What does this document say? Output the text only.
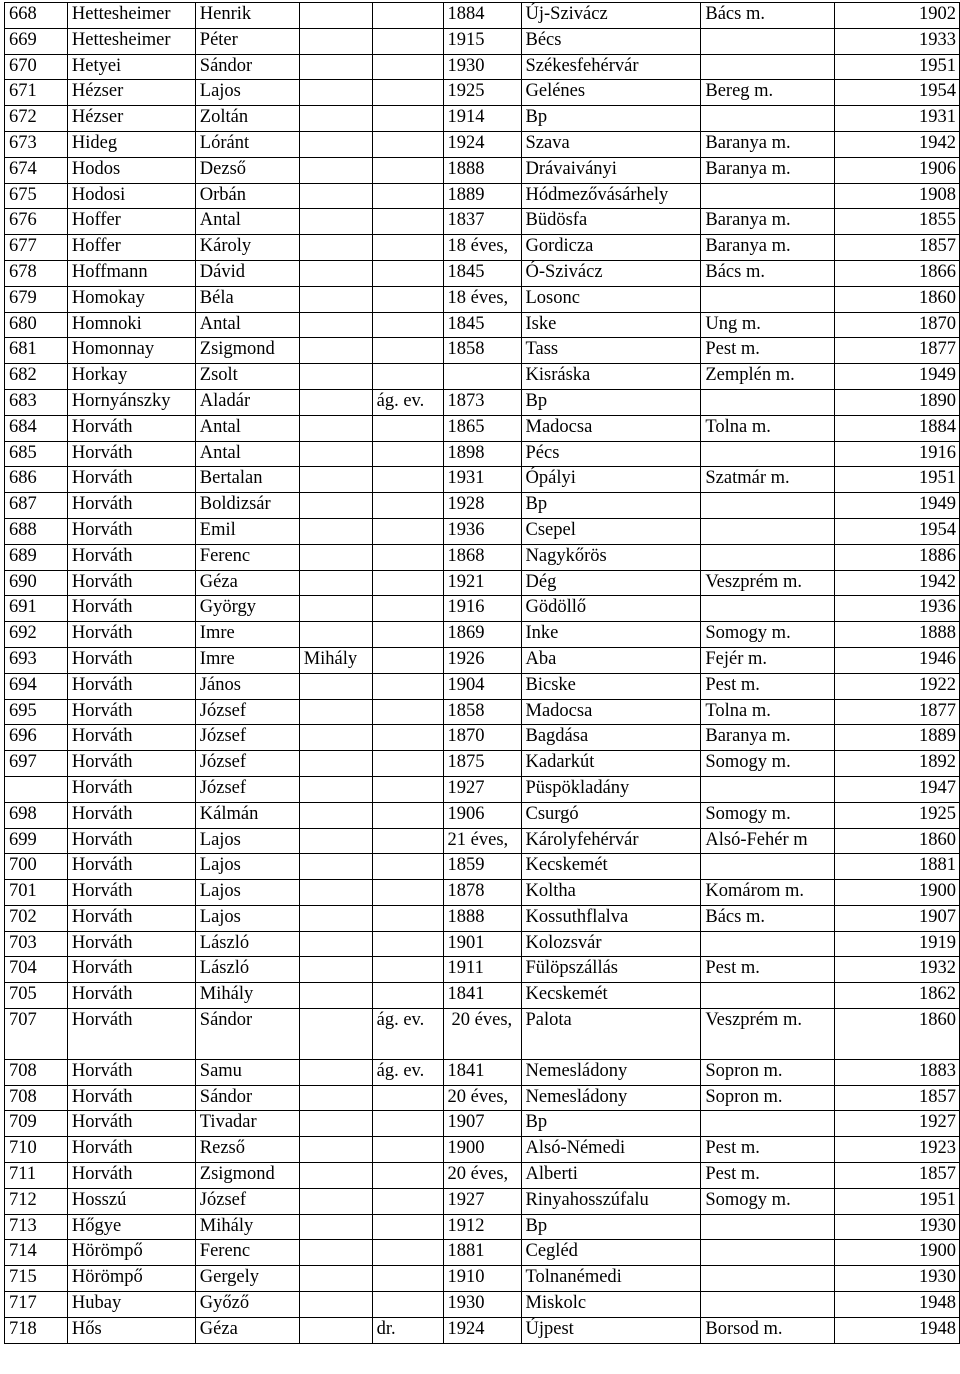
668	Hettesheimer	Henrik			1884	Új-Szivácz	Bács m.	1902
669	Hettesheimer	Péter			1915	Bécs		1933
670	Hetyei	Sándor			1930	Székesfehérvár		1951
671	Hézser	Lajos			1925	Gelénes	Bereg m.	1954
672	Hézser	Zoltán			1914	Bp		1931
673	Hideg	Lóránt			1924	Szava	Baranya m.	1942
674	Hodos	Dezső			1888	Drávaiványi	Baranya m.	1906
675	Hodosi	Orbán			1889	Hódmezővásárhely		1908
676	Hoffer	Antal			1837	Büdösfa	Baranya m.	1855
677	Hoffer	Károly			18 éves,	Gordicza	Baranya m.	1857
678	Hoffmann	Dávid			1845	Ó-Szivácz	Bács m.	1866
679	Homokay	Béla			18 éves,	Losonc		1860
680	Homnoki	Antal			1845	Iske	Ung m.	1870
681	Homonnay	Zsigmond			1858	Tass	Pest m.	1877
682	Horkay	Zsolt				Kisráska	Zemplén m.	1949
683	Hornyánszky	Aladár		ág. ev.	1873	Bp		1890
684	Horváth	Antal			1865	Madocsa	Tolna m.	1884
685	Horváth	Antal			1898	Pécs		1916
686	Horváth	Bertalan			1931	Ópályi	Szatmár m.	1951
687	Horváth	Boldizsár			1928	Bp		1949
688	Horváth	Emil			1936	Csepel		1954
689	Horváth	Ferenc			1868	Nagykőrös		1886
690	Horváth	Géza			1921	Dég	Veszprém m.	1942
691	Horváth	György			1916	Gödöllő		1936
692	Horváth	Imre			1869	Inke	Somogy m.	1888
693	Horváth	Imre	Mihály		1926	Aba	Fejér m.	1946
694	Horváth	János			1904	Bicske	Pest m.	1922
695	Horváth	József			1858	Madocsa	Tolna m.	1877
696	Horváth	József			1870	Bagdása	Baranya m.	1889
697	Horváth	József			1875	Kadarkút	Somogy m.	1892
	Horváth	József			1927	Püspökladány		1947
698	Horváth	Kálmán			1906	Csurgó	Somogy m.	1925
699	Horváth	Lajos			21 éves,	Károlyfehérvár	Alsó-Fehér m	1860
700	Horváth	Lajos			1859	Kecskemét		1881
701	Horváth	Lajos			1878	Koltha	Komárom m.	1900
702	Horváth	Lajos			1888	Kossuthflalva	Bács m.	1907
703	Horváth	László			1901	Kolozsvár		1919
704	Horváth	László			1911	Fülöpszállás	Pest m.	1932
705	Horváth	Mihály			1841	Kecskemét		1862
707	Horváth	Sándor		ág. ev.	20 éves,	Palota	Veszprém m.	1860
708	Horváth	Samu		ág. ev.	1841	Nemesládony	Sopron m.	1883
708	Horváth	Sándor			20 éves,	Nemesládony	Sopron m.	1857
709	Horváth	Tivadar			1907	Bp		1927
710	Horváth	Rezső			1900	Alsó-Némedi	Pest m.	1923
711	Horváth	Zsigmond			20 éves,	Alberti	Pest m.	1857
712	Hosszú	József			1927	Rinyahosszúfalu	Somogy m.	1951
713	Hőgye	Mihály			1912	Bp		1930
714	Hörömpő	Ferenc			1881	Cegléd		1900
715	Hörömpő	Gergely			1910	Tolnanémedi		1930
717	Hubay	Győző			1930	Miskolc		1948
718	Hős	Géza		dr.	1924	Újpest	Borsod m.	1948
